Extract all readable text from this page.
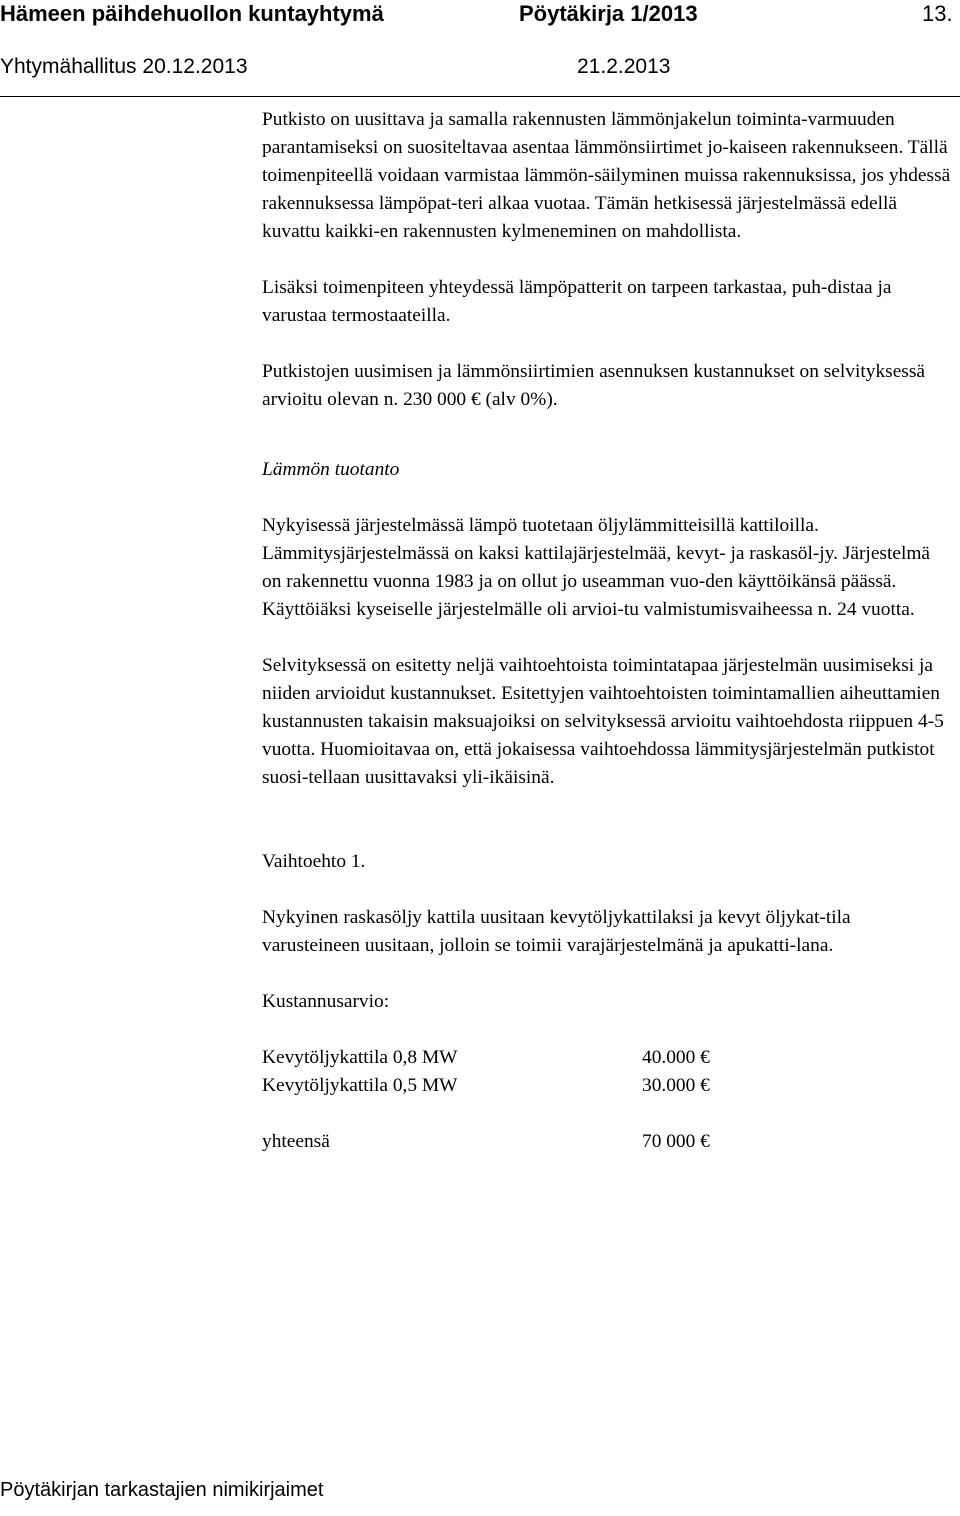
Hämeen päihdehuollon kuntayhtymä	Pöytäkirja 1/2013	13.
Yhtymähallitus 20.12.2013	21.2.2013

Putkisto on uusittava ja samalla rakennusten lämmönjakelun toiminta-varmuuden parantamiseksi on suositeltavaa asentaa lämmönsiirtimet jo-kaiseen rakennukseen. Tällä toimenpiteellä voidaan varmistaa lämmön-säilyminen muissa rakennuksissa, jos yhdessä rakennuksessa lämpöpat-teri alkaa vuotaa. Tämän hetkisessä järjestelmässä edellä kuvattu kaikki-en rakennusten kylmeneminen on mahdollista.

Lisäksi toimenpiteen yhteydessä lämpöpatterit on tarpeen tarkastaa, puh-distaa ja varustaa termostaateilla.

Putkistojen uusimisen ja lämmönsiirtimien asennuksen kustannukset on selvityksessä arvioitu olevan n. 230 000 € (alv 0%).

Lämmön tuotanto

Nykyisessä järjestelmässä lämpö tuotetaan öljylämmitteisillä kattiloilla. Lämmitysjärjestelmässä on kaksi kattilajärjestelmää, kevyt- ja raskasöl-jy. Järjestelmä on rakennettu vuonna 1983 ja on ollut jo useamman vuo-den käyttöikänsä päässä. Käyttöiäksi kyseiselle järjestelmälle oli arvioi-tu valmistumisvaiheessa n. 24 vuotta.

Selvityksessä on esitetty neljä vaihtoehtoista toimintatapaa järjestelmän uusimiseksi ja niiden arvioidut kustannukset. Esitettyjen vaihtoehtoisten toimintamallien aiheuttamien kustannusten takaisin maksuajoiksi on selvityksessä arvioitu vaihtoehdosta riippuen 4-5 vuotta. Huomioitavaa on, että jokaisessa vaihtoehdossa lämmitysjärjestelmän putkistot suosi-tellaan uusittavaksi yli-ikäisinä.

Vaihtoehto 1.

Nykyinen raskasöljy kattila uusitaan kevytöljykattilaksi ja kevyt öljykat-tila varusteineen uusitaan, jolloin se toimii varajärjestelmänä ja apukatti-lana.

Kustannusarvio:

Kevytöljykattila 0,8 MW	40.000 €
Kevytöljykattila 0,5 MW	30.000 €
yhteensä	70 000 €
Pöytäkirjan tarkastajien nimikirjaimet
